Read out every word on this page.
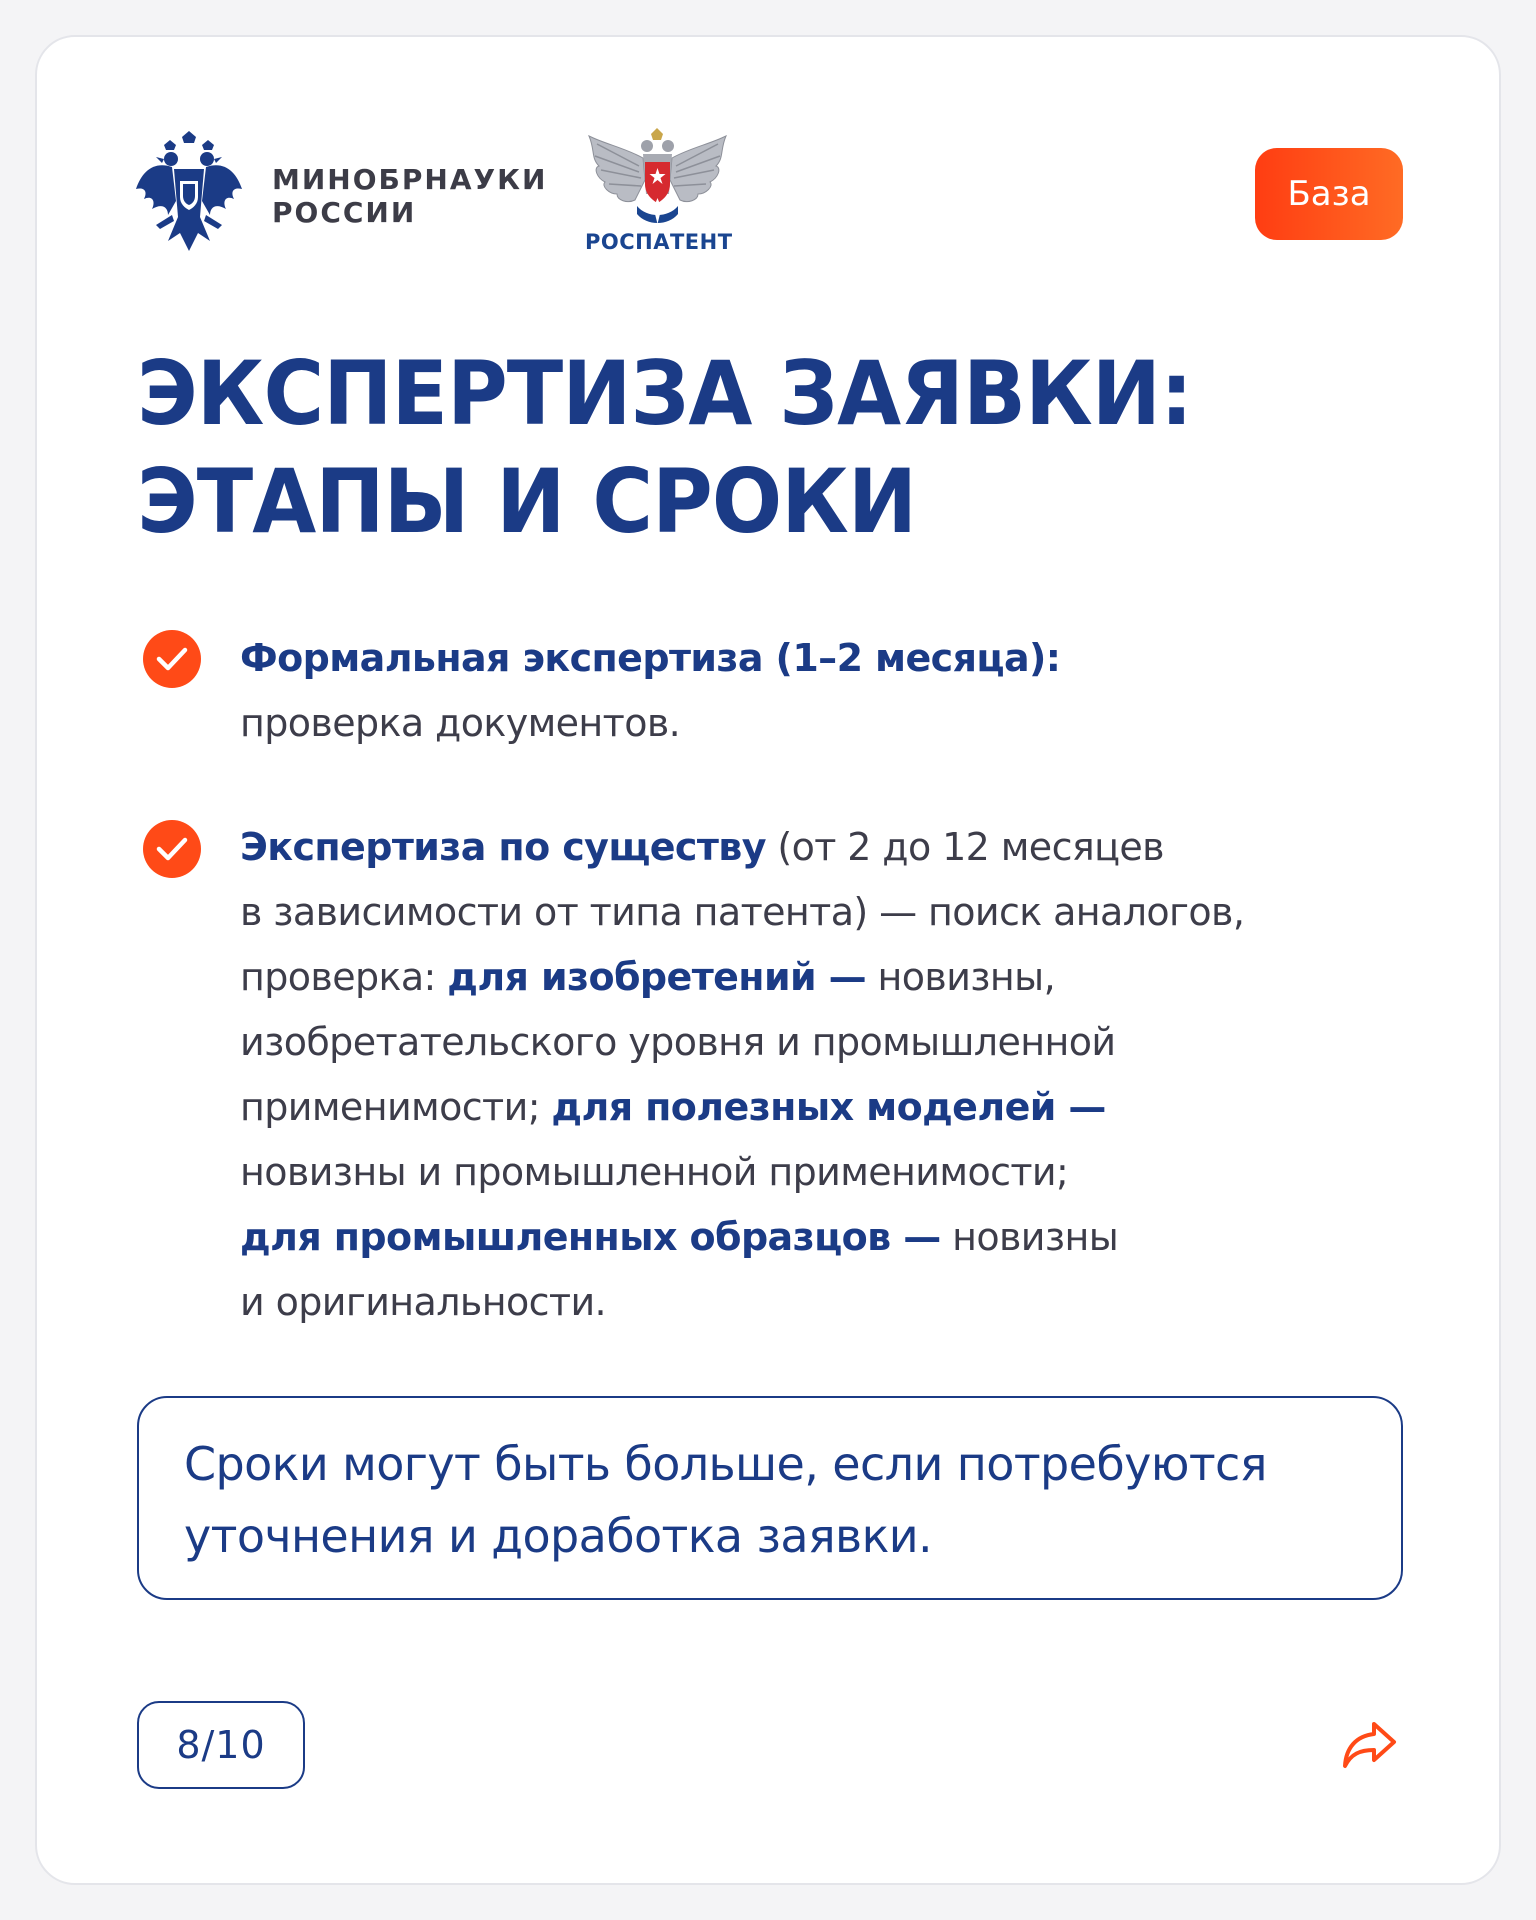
МИНОБРНАУКИ
РОССИИ
РОСПАТЕНТ
База
ЭКСПЕРТИЗА ЗАЯВКИ:
ЭТАПЫ И СРОКИ
Формальная экспертиза (1–2 месяца):
проверка документов.
Экспертиза по существу (от 2 до 12 месяцев
в зависимости от типа патента) — поиск аналогов,
проверка: для изобретений — новизны,
изобретательского уровня и промышленной
применимости; для полезных моделей —
новизны и промышленной применимости;
для промышленных образцов — новизны
и оригинальности.
Сроки могут быть больше, если потребуются
уточнения и доработка заявки.
8/10
